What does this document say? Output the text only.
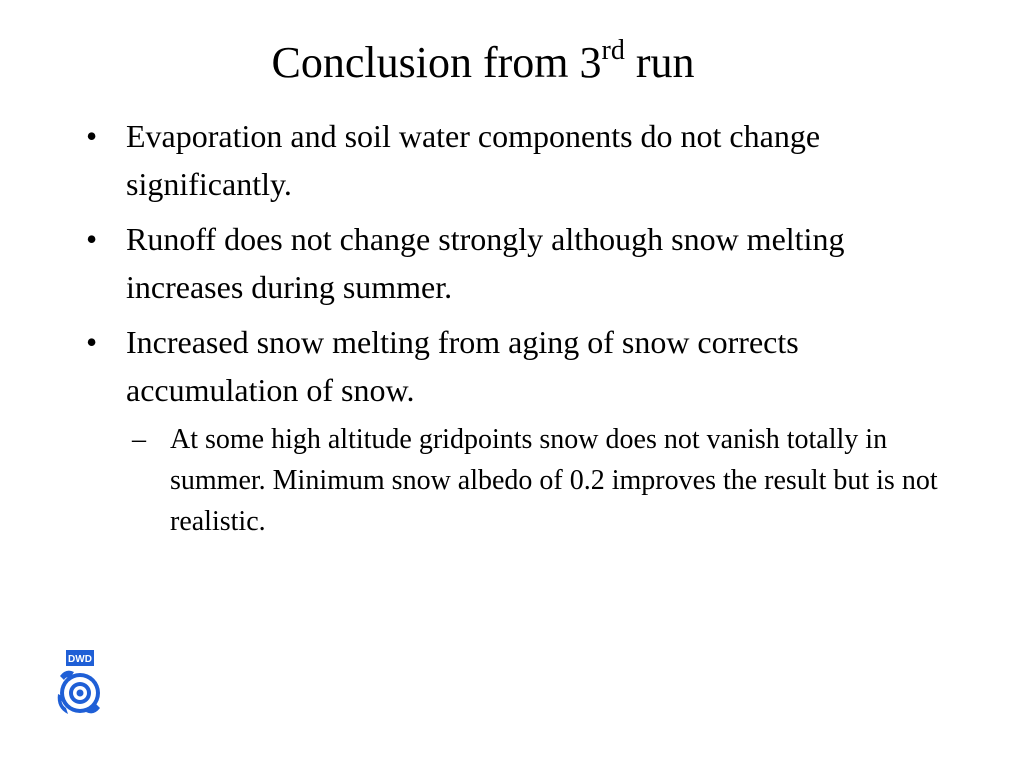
Conclusion from 3rd run
• Evaporation and soil water components do not change significantly.
• Runoff does not change strongly although snow melting increases during summer.
• Increased snow melting from aging of snow corrects accumulation of snow.
– At some high altitude gridpoints snow does not vanish totally in summer. Minimum snow albedo of 0.2 improves the result but is not realistic.
DWD
